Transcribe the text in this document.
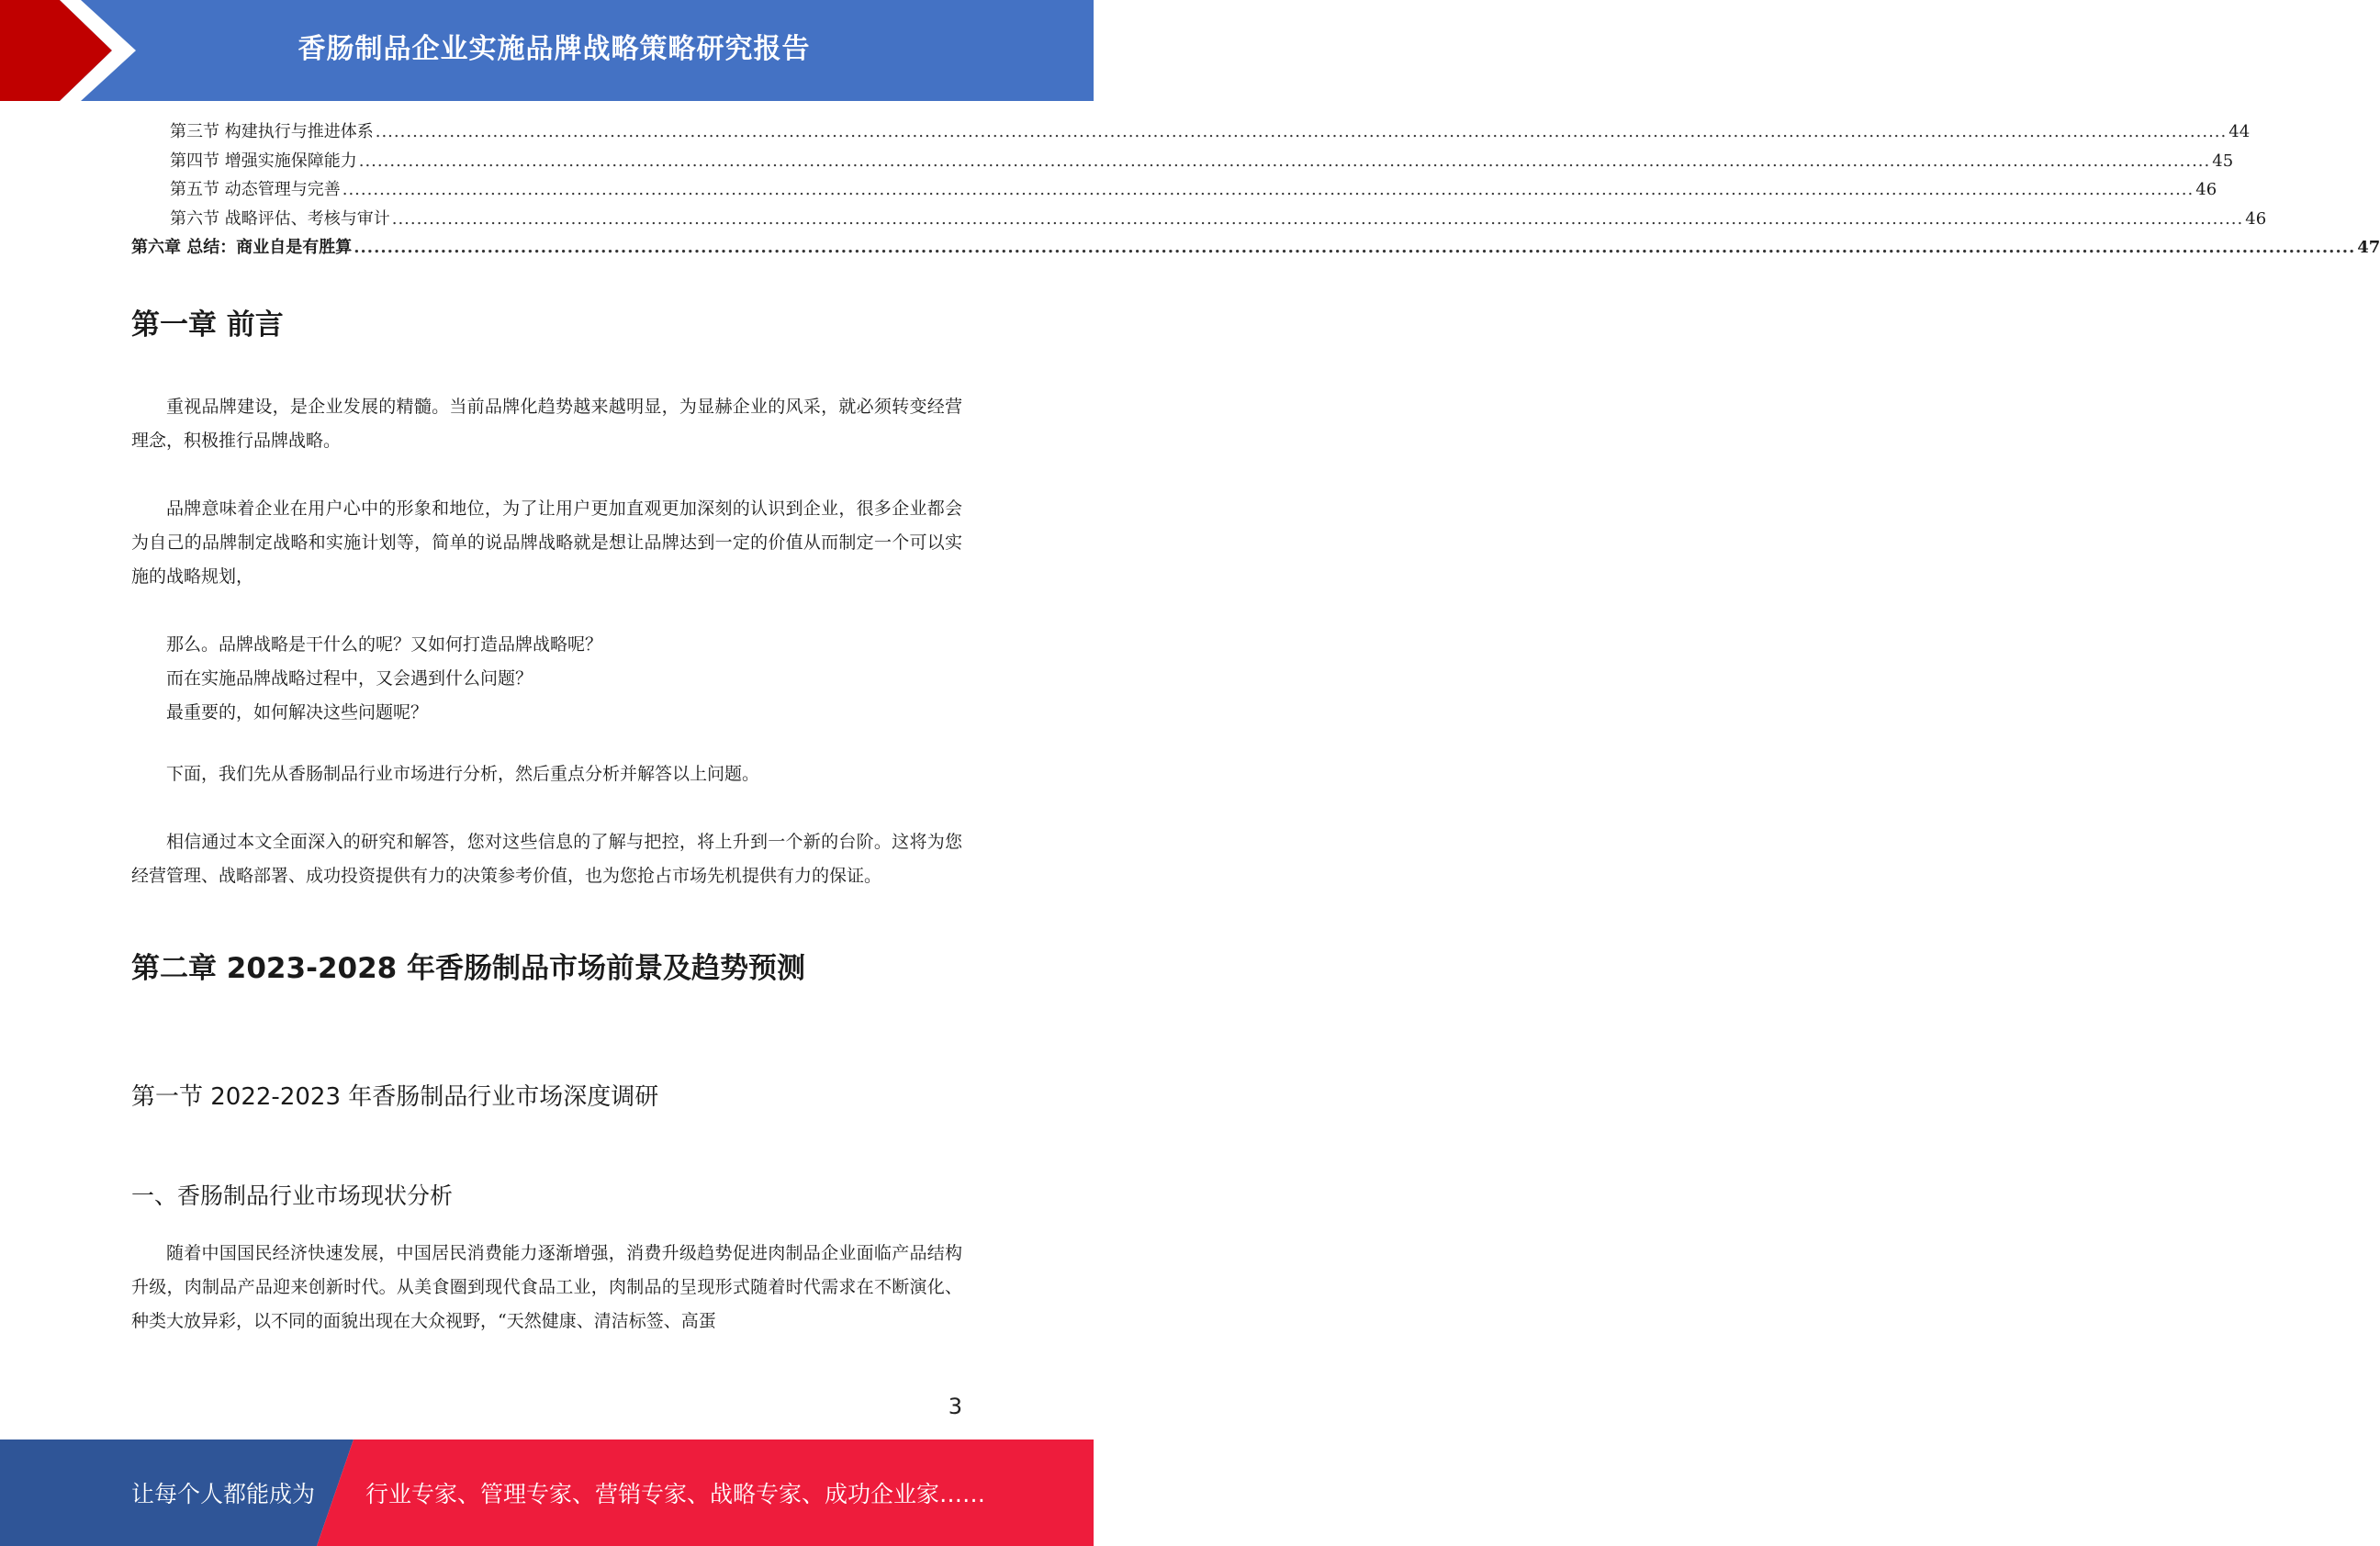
香肠制品企业实施品牌战略策略研究报告
第三节 构建执行与推进体系 ............................................................................................................................................................................................................................................................................................................ 44
第四节 增强实施保障能力 ............................................................................................................................................................................................................................................................................................................ 45
第五节 动态管理与完善 ............................................................................................................................................................................................................................................................................................................ 46
第六节 战略评估、考核与审计 ............................................................................................................................................................................................................................................................................................................ 46
第六章 总结：商业自是有胜算 ............................................................................................................................................................................................................................................................................................................ 47
第一章 前言

重视品牌建设，是企业发展的精髓。当前品牌化趋势越来越明显，为显赫企业的风采，就必须转变经营理念，积极推行品牌战略。

品牌意味着企业在用户心中的形象和地位，为了让用户更加直观更加深刻的认识到企业，很多企业都会为自己的品牌制定战略和实施计划等，简单的说品牌战略就是想让品牌达到一定的价值从而制定一个可以实施的战略规划，

那么。品牌战略是干什么的呢？又如何打造品牌战略呢？

而在实施品牌战略过程中，又会遇到什么问题？

最重要的，如何解决这些问题呢？

下面，我们先从香肠制品行业市场进行分析，然后重点分析并解答以上问题。

相信通过本文全面深入的研究和解答，您对这些信息的了解与把控，将上升到一个新的台阶。这将为您经营管理、战略部署、成功投资提供有力的决策参考价值，也为您抢占市场先机提供有力的保证。

第二章 2023-2028 年香肠制品市场前景及趋势预测
第一节 2022-2023 年香肠制品行业市场深度调研
一、香肠制品行业市场现状分析

随着中国国民经济快速发展，中国居民消费能力逐渐增强，消费升级趋势促进肉制品企业面临产品结构升级，肉制品产品迎来创新时代。从美食圈到现代食品工业，肉制品的呈现形式随着时代需求在不断演化、种类大放异彩，以不同的面貌出现在大众视野，“天然健康、清洁标签、高蛋

3
让每个人都能成为 行业专家、管理专家、营销专家、战略专家、成功企业家……
